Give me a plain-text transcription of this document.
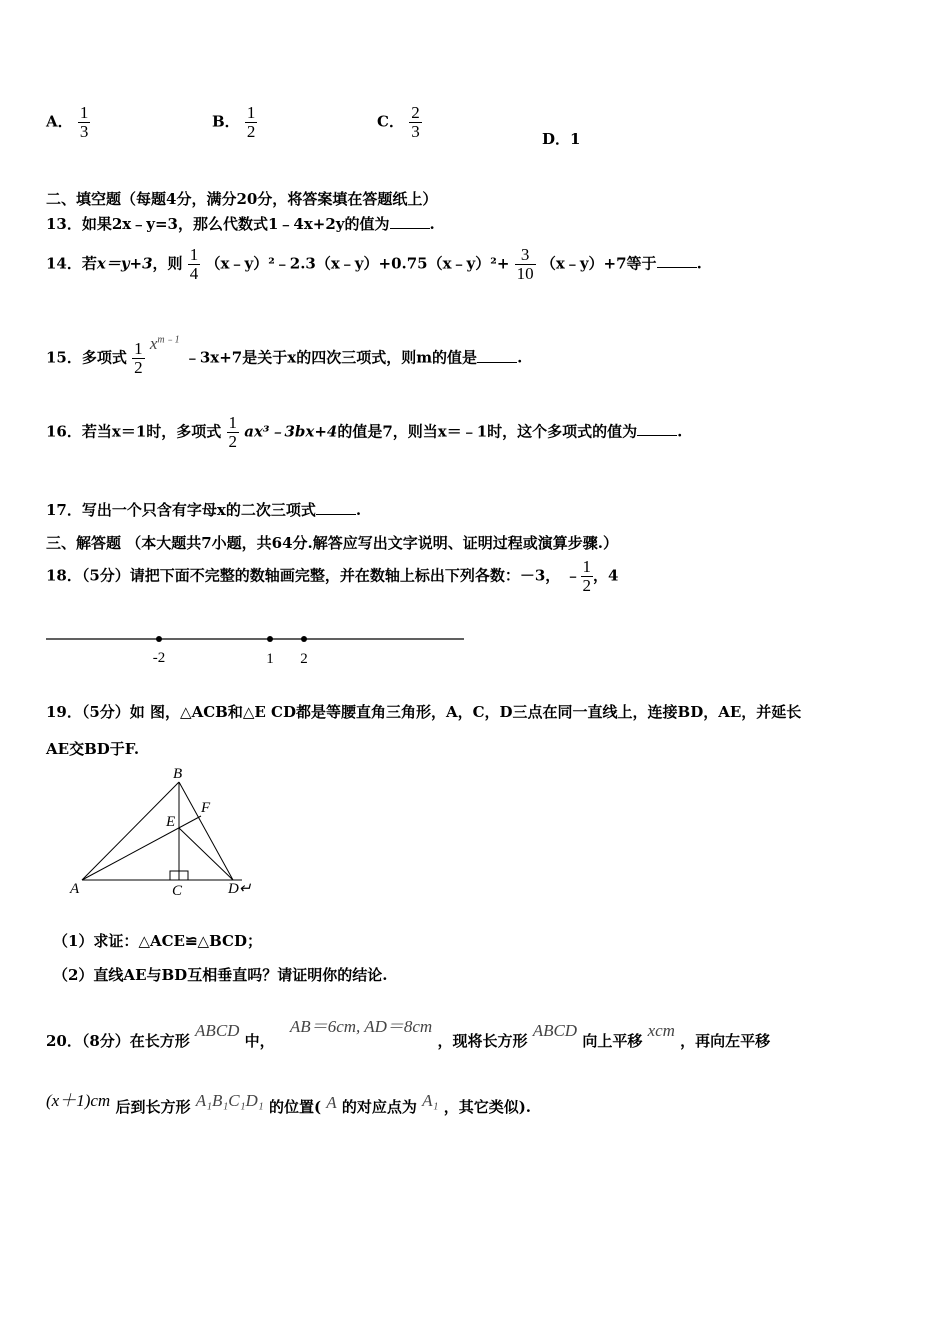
A． $\frac{1}{3}$	B． $\frac{1}{2}$	C． $\frac{2}{3}$	D．1
二、填空题（每题4分，满分20分，将答案填在答题纸上）
13．如果2x﹣y=3，那么代数式1﹣4x+2y的值为	.
14．若x＝y+3，则 $\frac{1}{4}$ （x﹣y）²﹣2.3（x﹣y）+0.75（x﹣y）²+ $\frac{3}{10}$ （x﹣y）+7等于	.
15．多项式 $\frac{1}{2} x^{m﹣1}$ ﹣3x+7是关于x的四次三项式，则m的值是	.
16．若当x＝1时，多项式 $\frac{1}{2}$ ax³﹣3bx+4的值是7，则当x＝﹣1时，这个多项式的值为	.
17．写出一个只含有字母x的二次三项式	.
三、解答题 （本大题共7小题，共64分.解答应写出文字说明、证明过程或演算步骤.）
18．（5分）请把下面不完整的数轴画完整，并在数轴上标出下列各数：－3， ﹣ $\frac{1}{2}$ ，4
-2	1 2
19．（5分）如 图，△ACB和△E CD都是等腰直角三角形，A，C，D三点在同一直线上，连接BD，AE，并延长
AE交BD于F.
B
F
E
A	C	D↵
（1）求证：△ACE≌△BCD；
（2）直线AE与BD互相垂直吗？请证明你的结论.
20．（8分）在长方形 ABCD 中， AB＝6cm, AD＝8cm ，现将长方形 ABCD 向上平移 xcm ，再向左平移
(x＋1)cm 后到长方形 A₁B₁C₁D₁ 的位置( A 的对应点为 A₁ ，其它类似).
